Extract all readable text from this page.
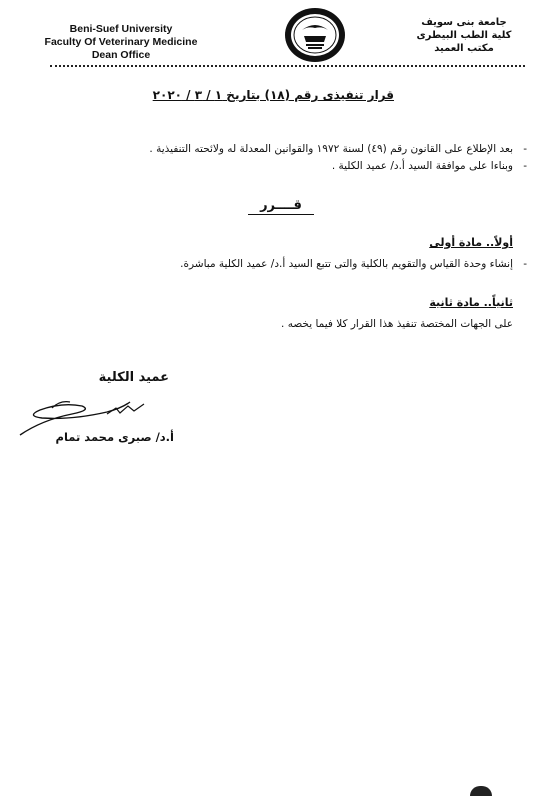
Beni-Suef University
Faculty Of Veterinary Medicine
Dean Office
جامعة بنى سويف
كلية الطب البيطرى
مكتب العميد
قرار تنفيذى رقم (١٨) بتاريخ ١ / ٣ / ٢٠٢٠
-
بعد الإطلاع على القانون رقم (٤٩) لسنة ١٩٧٢ والقوانين المعدلة له ولائحته التنفيذية .
-
وبناءا على موافقة السيد أ.د/ عميد الكلية .
قــــرر
أولاً.. مادة أولى
-
إنشاء وحدة القياس والتقويم بالكلية والتى تتبع السيد أ.د/ عميد الكلية مباشرة.
ثانياً.. مادة ثانية
على الجهات المختصة تنفيذ هذا القرار كلا فيما يخصه .
عميد الكلية
أ.د/ صبرى محمد تمام
